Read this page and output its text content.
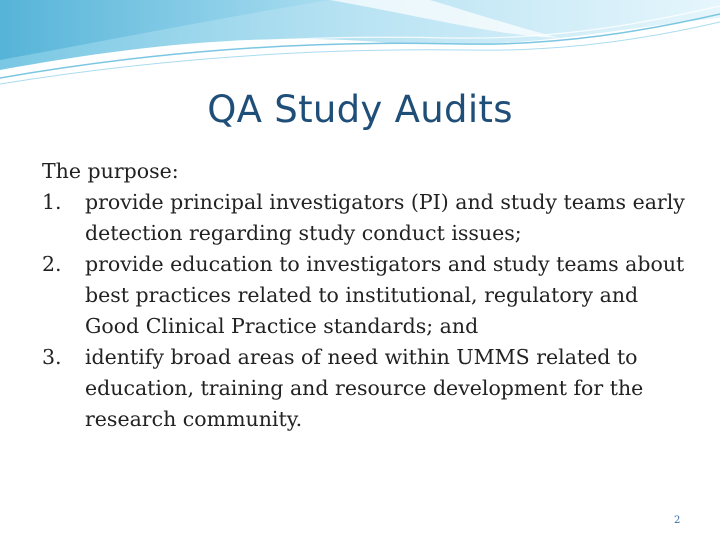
QA Study Audits

The purpose:

1. provide principal investigators (PI) and study teams early detection regarding study conduct issues;
2. provide education to investigators and study teams about best practices related to institutional, regulatory and Good Clinical Practice standards; and
3. identify broad areas of need within UMMS related to education, training and resource development for the research community.
2
